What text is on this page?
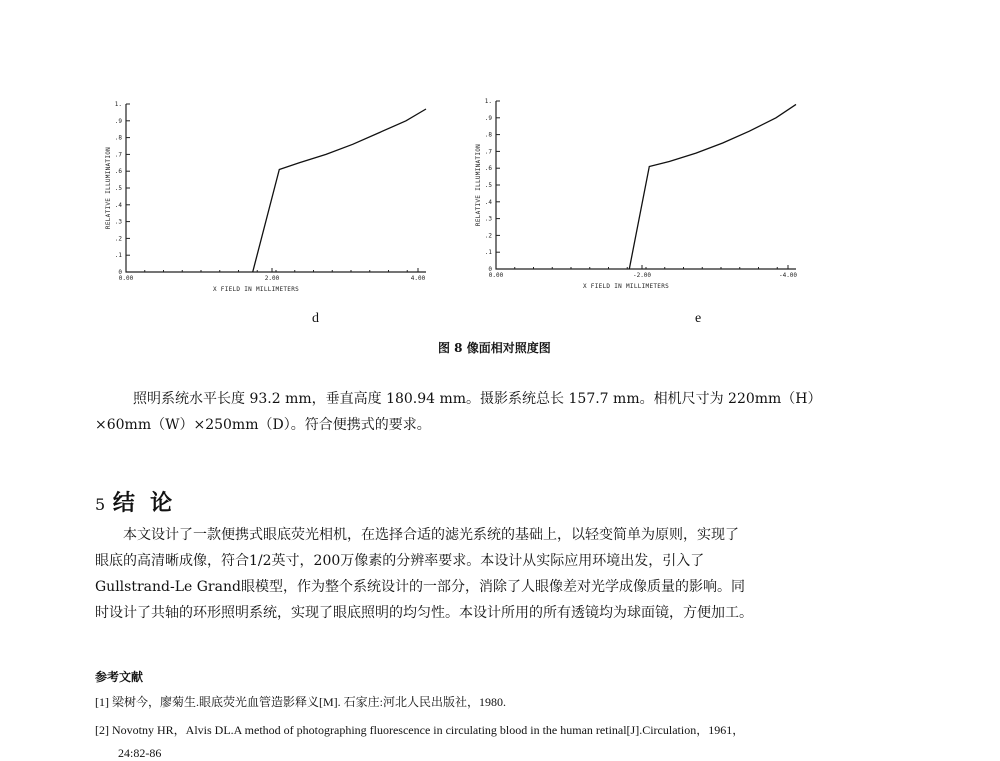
0
.1
.2
.3
.4
.5
.6
.7
.8
.9
1.
0.00	2.00	4.00
X FIELD IN MILLIMETERS
RELATIVE ILLUMINATION
d
0
.1
.2
.3
.4
.5
.6
.7
.8
.9
1.
0.00	-2.00	-4.00
X FIELD IN MILLIMETERS
RELATIVE ILLUMINATION
e
图 8 像面相对照度图
照明系统水平长度 93.2 mm，垂直高度 180.94 mm。摄影系统总长 157.7 mm。相机尺寸为 220mm（H）
×60mm（W）×250mm（D）。符合便携式的要求。
5 结  论
本文设计了一款便携式眼底荧光相机，在选择合适的滤光系统的基础上，以轻变简单为原则，实现了
眼底的高清晰成像，符合1/2英寸，200万像素的分辨率要求。本设计从实际应用环境出发，引入了
Gullstrand-Le Grand眼模型，作为整个系统设计的一部分，消除了人眼像差对光学成像质量的影响。同
时设计了共轴的环形照明系统，实现了眼底照明的均匀性。本设计所用的所有透镜均为球面镜，方便加工。
参考文献
[1] 梁树今，廖菊生.眼底荧光血管造影释义[M]. 石家庄:河北人民出版社，1980.
[2] Novotny HR，Alvis DL.A method of photographing fluorescence in circulating blood in the human retinal[J].Circulation，1961，
24:82-86
